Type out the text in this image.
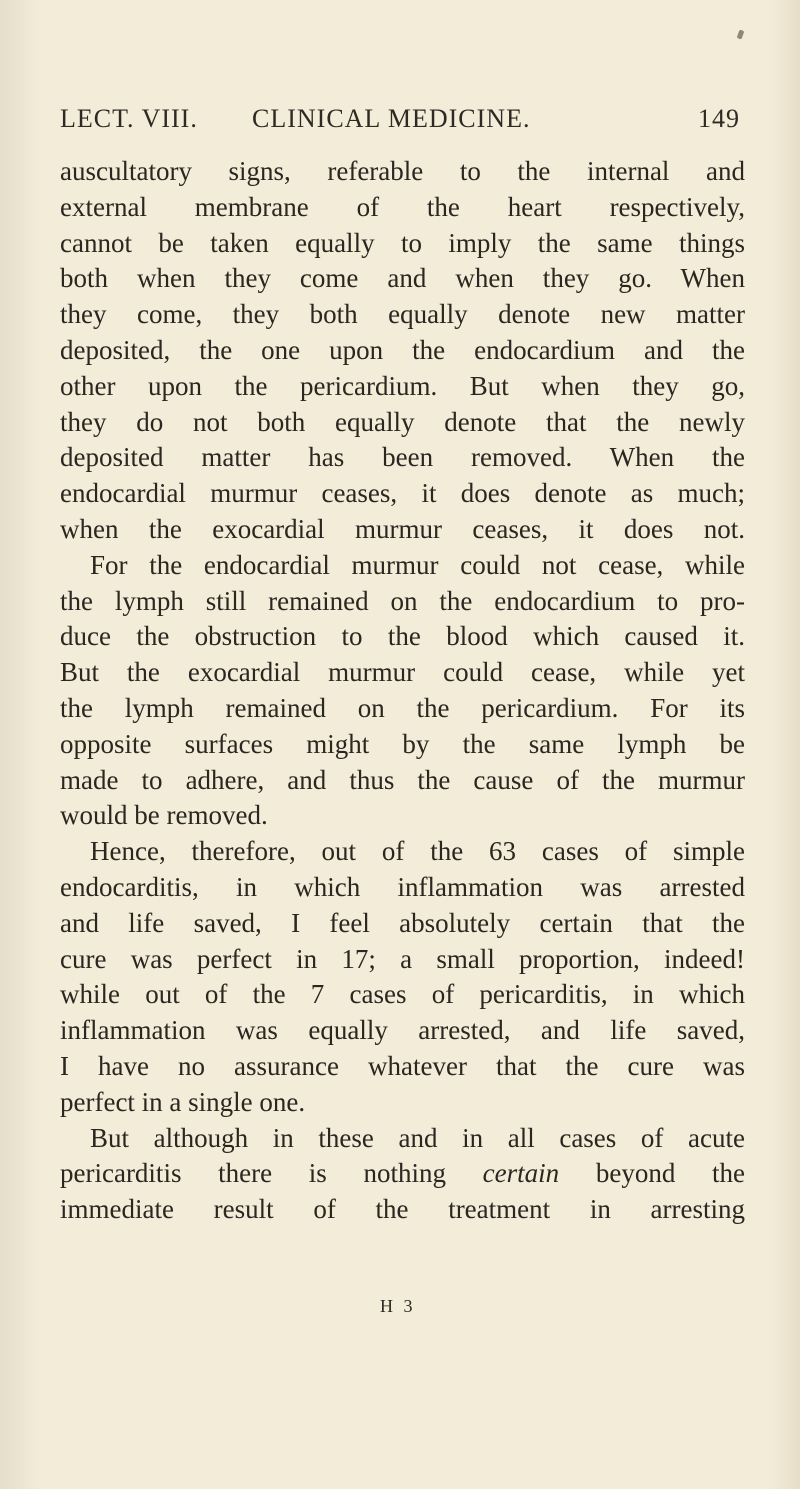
LECT. VIII. CLINICAL MEDICINE.	149
auscultatory signs, referable to the internal and
external membrane of the heart respectively,
cannot be taken equally to imply the same things
both when they come and when they go. When
they come, they both equally denote new matter
deposited, the one upon the endocardium and the
other upon the pericardium. But when they go,
they do not both equally denote that the newly
deposited matter has been removed. When the
endocardial murmur ceases, it does denote as much;
when the exocardial murmur ceases, it does not.
For the endocardial murmur could not cease, while
the lymph still remained on the endocardium to pro-
duce the obstruction to the blood which caused it.
But the exocardial murmur could cease, while yet
the lymph remained on the pericardium. For its
opposite surfaces might by the same lymph be
made to adhere, and thus the cause of the murmur
would be removed.
Hence, therefore, out of the 63 cases of simple
endocarditis, in which inflammation was arrested
and life saved, I feel absolutely certain that the
cure was perfect in 17; a small proportion, indeed!
while out of the 7 cases of pericarditis, in which
inflammation was equally arrested, and life saved,
I have no assurance whatever that the cure was
perfect in a single one.
But although in these and in all cases of acute
pericarditis there is nothing certain beyond the
immediate result of the treatment in arresting
H 3
